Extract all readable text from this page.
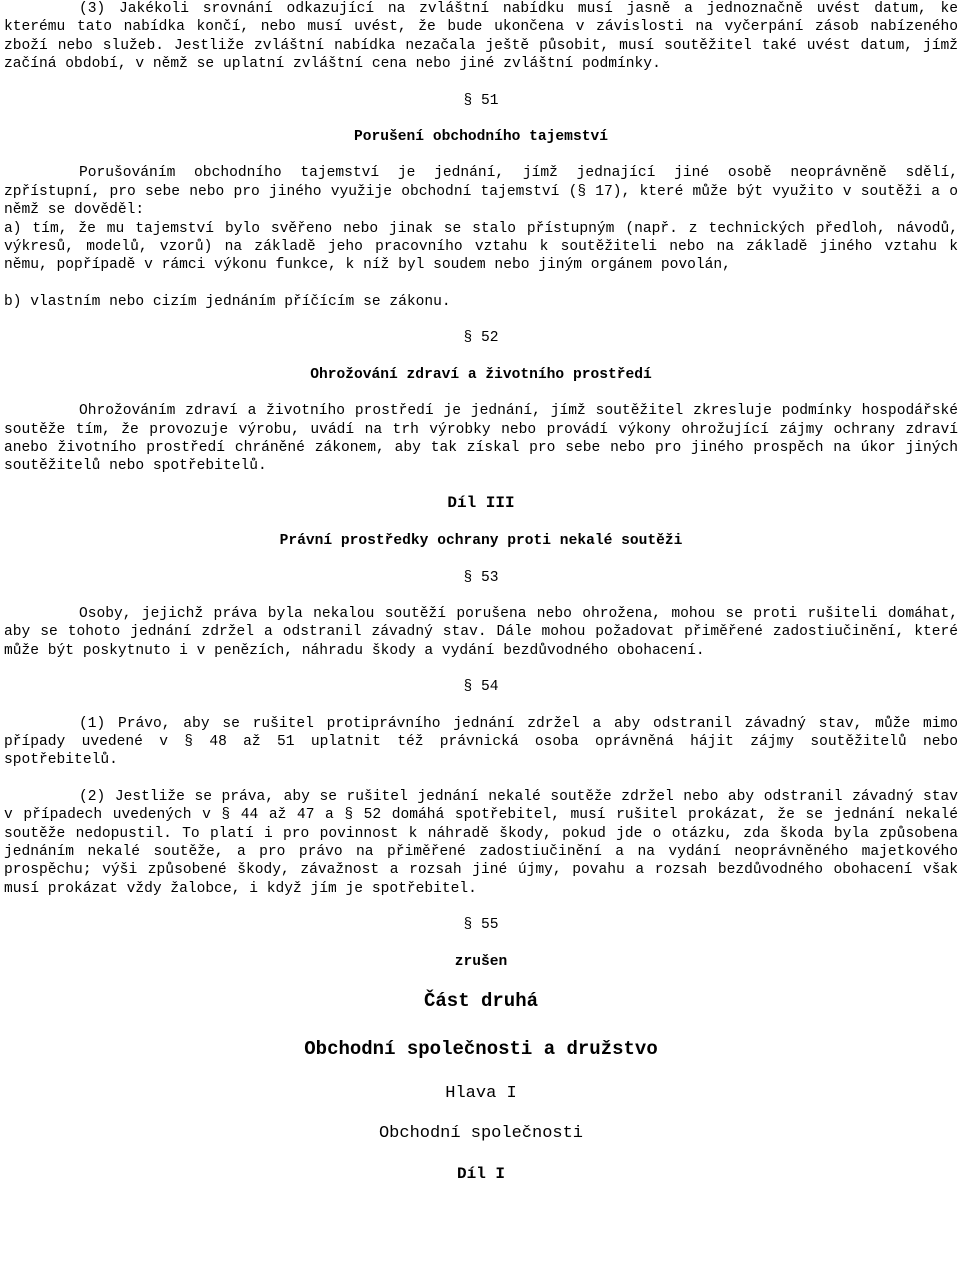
(3) Jakékoli srovnání odkazující na zvláštní nabídku musí jasně a jednoznačně uvést datum, ke kterému tato nabídka končí, nebo musí uvést, že bude ukončena v závislosti na vyčerpání zásob nabízeného zboží nebo služeb. Jestliže zvláštní nabídka nezačala ještě působit, musí soutěžitel také uvést datum, jímž začíná období, v němž se uplatní zvláštní cena nebo jiné zvláštní podmínky.

§ 51

Porušení obchodního tajemství

Porušováním obchodního tajemství je jednání, jímž jednající jiné osobě neoprávněně sdělí, zpřístupní, pro sebe nebo pro jiného využije obchodní tajemství (§ 17), které může být využito v soutěži a o němž se dověděl:

a) tím, že mu tajemství bylo svěřeno nebo jinak se stalo přístupným (např. z technických předloh, návodů, výkresů, modelů, vzorů) na základě jeho pracovního vztahu k soutěžiteli nebo na základě jiného vztahu k němu, popřípadě v rámci výkonu funkce, k níž byl soudem nebo jiným orgánem povolán,

b) vlastním nebo cizím jednáním příčícím se zákonu.

§ 52

Ohrožování zdraví a životního prostředí

Ohrožováním zdraví a životního prostředí je jednání, jímž soutěžitel zkresluje podmínky hospodářské soutěže tím, že provozuje výrobu, uvádí na trh výrobky nebo provádí výkony ohrožující zájmy ochrany zdraví anebo životního prostředí chráněné zákonem, aby tak získal pro sebe nebo pro jiného prospěch na úkor jiných soutěžitelů nebo spotřebitelů.

Díl III

Právní prostředky ochrany proti nekalé soutěži

§ 53

Osoby, jejichž práva byla nekalou soutěží porušena nebo ohrožena, mohou se proti rušiteli domáhat, aby se tohoto jednání zdržel a odstranil závadný stav. Dále mohou požadovat přiměřené zadostiučinění, které může být poskytnuto i v penězích, náhradu škody a vydání bezdůvodného obohacení.

§ 54

(1) Právo, aby se rušitel protiprávního jednání zdržel a aby odstranil závadný stav, může mimo případy uvedené v § 48 až 51 uplatnit též právnická osoba oprávněná hájit zájmy soutěžitelů nebo spotřebitelů.

(2) Jestliže se práva, aby se rušitel jednání nekalé soutěže zdržel nebo aby odstranil závadný stav v případech uvedených v § 44 až 47 a § 52 domáhá spotřebitel, musí rušitel prokázat, že se jednání nekalé soutěže nedopustil. To platí i pro povinnost k náhradě škody, pokud jde o otázku, zda škoda byla způsobena jednáním nekalé soutěže, a pro právo na přiměřené zadostiučinění a na vydání neoprávněného majetkového prospěchu; výši způsobené škody, závažnost a rozsah jiné újmy, povahu a rozsah bezdůvodného obohacení však musí prokázat vždy žalobce, i když jím je spotřebitel.

§ 55

zrušen

Část druhá

Obchodní společnosti a družstvo

Hlava I

Obchodní společnosti

Díl I
